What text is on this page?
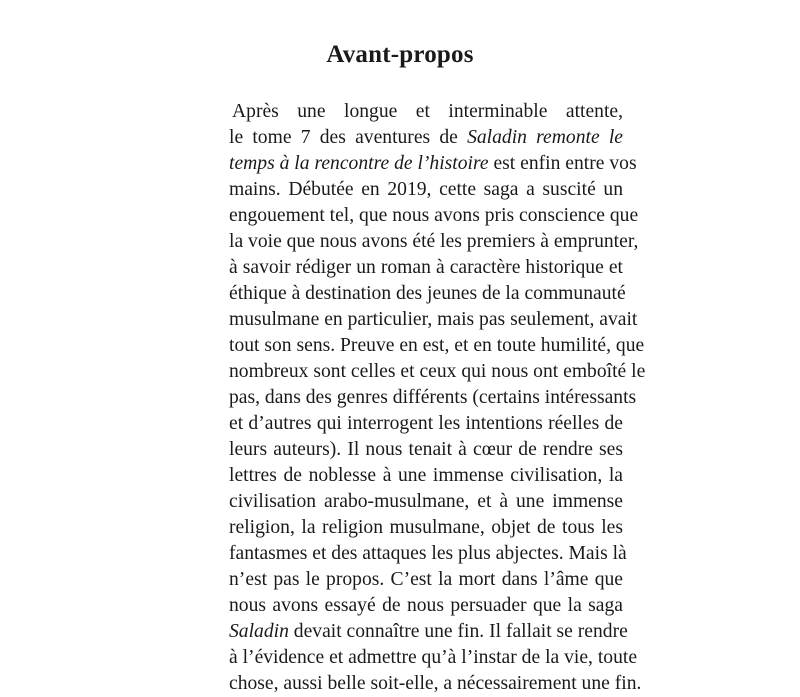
Avant-propos
Après une longue et interminable attente,
le tome 7 des aventures de Saladin remonte le
temps à la rencontre de l’histoire est enfin entre vos
mains. Débutée en 2019, cette saga a suscité un
engouement tel, que nous avons pris conscience que
la voie que nous avons été les premiers à emprunter,
à savoir rédiger un roman à caractère historique et
éthique à destination des jeunes de la communauté
musulmane en particulier, mais pas seulement, avait
tout son sens. Preuve en est, et en toute humilité, que
nombreux sont celles et ceux qui nous ont emboîté le
pas, dans des genres différents (certains intéressants
et d’autres qui interrogent les intentions réelles de
leurs auteurs). Il nous tenait à cœur de rendre ses
lettres de noblesse à une immense civilisation, la
civilisation arabo-musulmane, et à une immense
religion, la religion musulmane, objet de tous les
fantasmes et des attaques les plus abjectes. Mais là
n’est pas le propos. C’est la mort dans l’âme que
nous avons essayé de nous persuader que la saga
Saladin devait connaître une fin. Il fallait se rendre
à l’évidence et admettre qu’à l’instar de la vie, toute
chose, aussi belle soit-elle, a nécessairement une fin.
